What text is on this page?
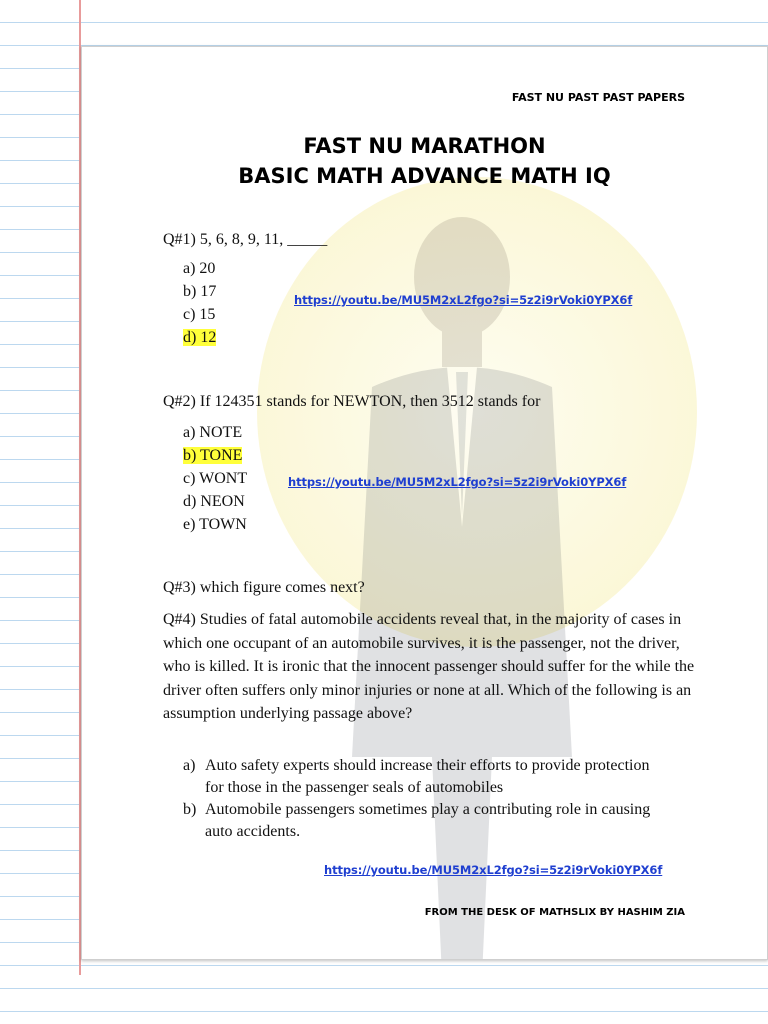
FAST NU PAST PAST PAPERS
FAST NU MARATHON
BASIC MATH ADVANCE MATH IQ
Q#1) 5, 6, 8, 9, 11, _____
a) 20
b) 17
c) 15
d) 12
https://youtu.be/MU5M2xL2fgo?si=5z2i9rVoki0YPX6f
Q#2) If 124351 stands for NEWTON, then 3512 stands for
a) NOTE
b) TONE
c) WONT
d) NEON
e) TOWN
https://youtu.be/MU5M2xL2fgo?si=5z2i9rVoki0YPX6f
Q#3) which figure comes next?
Q#4) Studies of fatal automobile accidents reveal that, in the majority of cases in which one occupant of an automobile survives, it is the passenger, not the driver, who is killed. It is ironic that the innocent passenger should suffer for the while the driver often suffers only minor injuries or none at all. Which of the following is an assumption underlying passage above?
a) Auto safety experts should increase their efforts to provide protection for those in the passenger seals of automobiles
b) Automobile passengers sometimes play a contributing role in causing auto accidents.
https://youtu.be/MU5M2xL2fgo?si=5z2i9rVoki0YPX6f
FROM THE DESK OF MATHSLIX BY HASHIM ZIA
